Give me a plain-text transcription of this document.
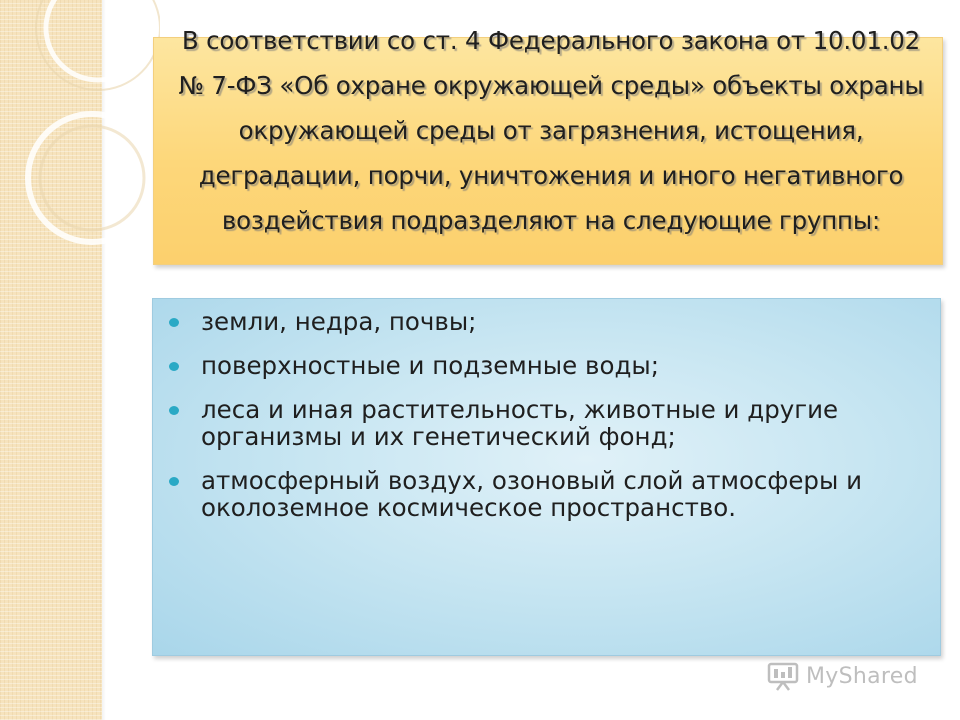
В соответствии со ст. 4 Федерального закона от 10.01.02 № 7-ФЗ «Об охране окружающей среды» объекты охраны окружающей среды от загрязнения, истощения, деградации, порчи, уничтожения и иного негативного воздействия подразделяют на следующие группы:

земли, недра, почвы;
поверхностные и подземные воды;
леса и иная растительность, животные и другие организмы и их генетический фонд;
атмосферный воздух, озоновый слой атмосферы и околоземное космическое пространство.
MyShared
